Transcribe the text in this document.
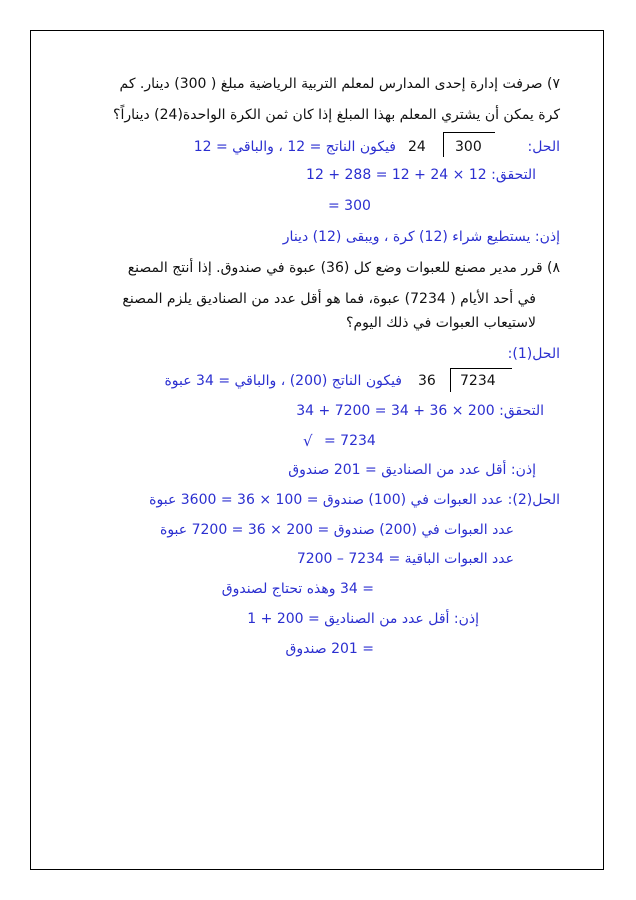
٧) صرفت إدارة إحدى المدارس لمعلم التربية الرياضية مبلغ ( 300) دينار. كم
كرة يمكن أن يشتري المعلم بهذا المبلغ إذا كان ثمن الكرة الواحدة(24) ديناراً؟
الحل:
300
24
فيكون الناتج = 12 ، والباقي = 12
التحقق: 12 × 24 + 12 = 288 + 12
= 300
إذن: يستطيع شراء (12) كرة ، ويبقى (12) دينار
٨) قرر مدير مصنع للعبوات وضع كل (36) عبوة في صندوق. إذا أنتج المصنع
في أحد الأيام ( 7234) عبوة، فما هو أقل عدد من الصناديق يلزم المصنع
لاستيعاب العبوات في ذلك اليوم؟
الحل(1):
7234
36
فيكون الناتج (200) ، والباقي = 34 عبوة
التحقق: 200 × 36 + 34 = 7200 + 34
√ = 7234
إذن: أقل عدد من الصناديق = 201 صندوق
الحل(2): عدد العبوات في (100) صندوق = 100 × 36 = 3600 عبوة
عدد العبوات في (200) صندوق = 200 × 36 = 7200 عبوة
عدد العبوات الباقية = 7234 – 7200
= 34 وهذه تحتاج لصندوق
إذن: أقل عدد من الصناديق = 200 + 1
= 201 صندوق
